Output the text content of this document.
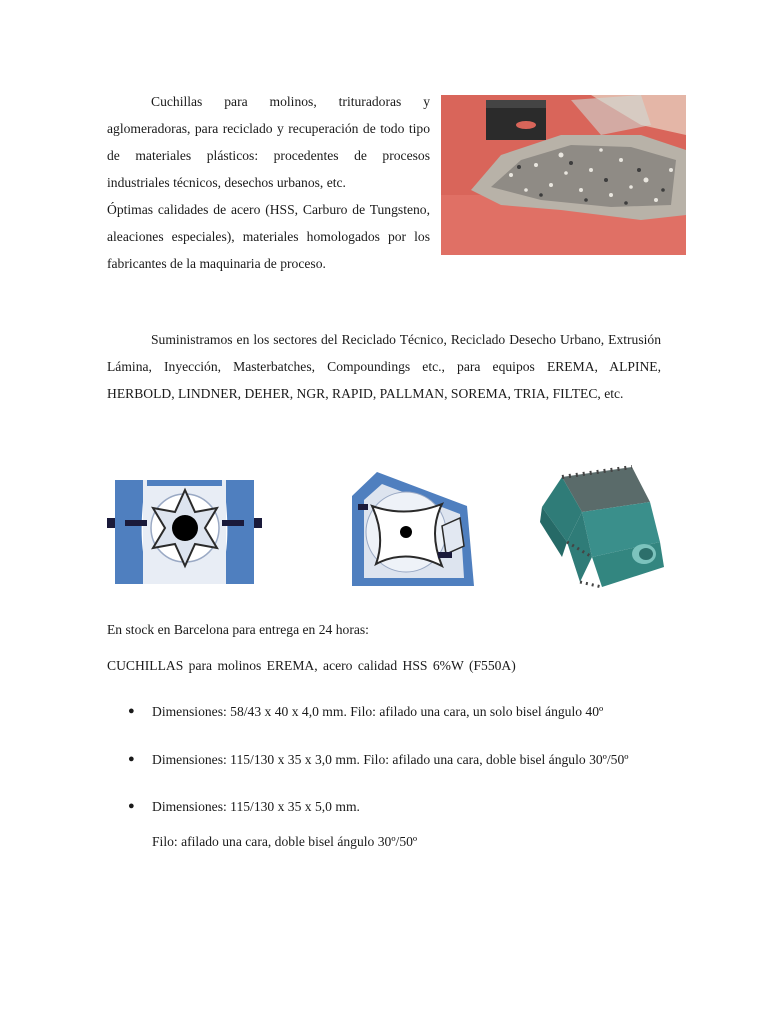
Cuchillas para molinos, trituradoras y aglomeradoras, para reciclado y recuperación de todo tipo de materiales plásticos: procedentes de procesos industriales técnicos, desechos urbanos, etc.

Óptimas calidades de acero (HSS, Carburo de Tungsteno, aleaciones especiales), materiales homologados por los fabricantes de la maquinaria de proceso.

Suministramos en los sectores del Reciclado Técnico, Reciclado Desecho Urbano, Extrusión Lámina, Inyección, Masterbatches, Compoundings etc., para equipos EREMA, ALPINE, HERBOLD, LINDNER, DEHER, NGR, RAPID, PALLMAN, SOREMA, TRIA, FILTEC, etc.

En stock en Barcelona para entrega en 24 horas:

CUCHILLAS para molinos EREMA, acero calidad HSS 6%W (F550A)

● Dimensiones: 58/43 x 40 x 4,0 mm. Filo: afilado una cara, un solo bisel ángulo 40º
● Dimensiones: 115/130 x 35 x 3,0 mm. Filo: afilado una cara, doble bisel ángulo 30º/50º
● Dimensiones: 115/130 x 35 x 5,0 mm.
Filo: afilado una cara, doble bisel ángulo 30º/50º
